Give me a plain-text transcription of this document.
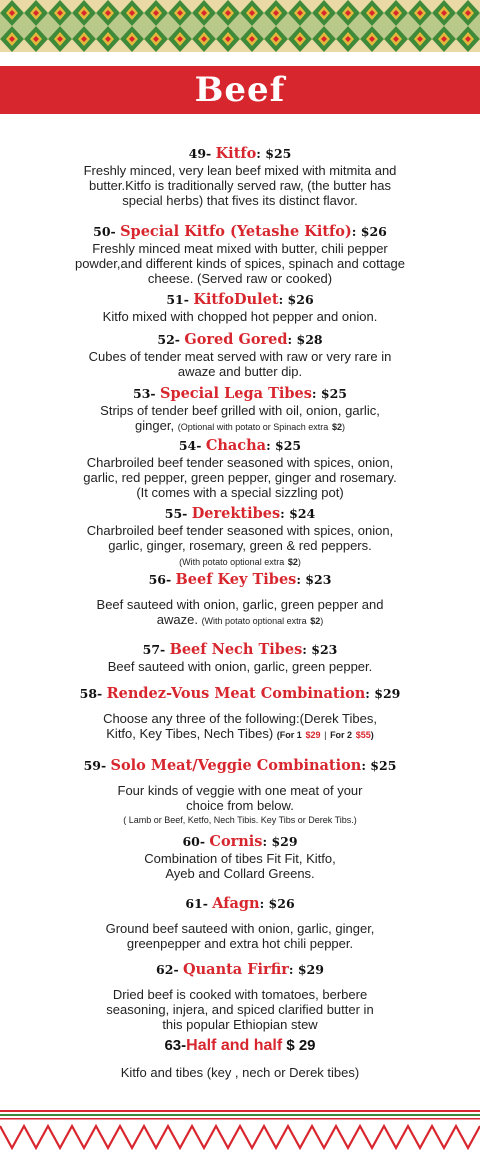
Beef
49- Kitfo: $25
Freshly minced, very lean beef mixed with mitmita and
butter.Kitfo is traditionally served raw, (the butter has
special herbs) that fives its distinct flavor.
50- Special Kitfo (Yetashe Kitfo): $26
Freshly minced meat mixed with butter, chili pepper
powder,and different kinds of spices, spinach and cottage
cheese. (Served raw or cooked)
51- KitfoDulet: $26
Kitfo mixed with chopped hot pepper and onion.
52- Gored Gored: $28
Cubes of tender meat served with raw or very rare in
awaze and butter dip.
53- Special Lega Tibes: $25
Strips of tender beef grilled with oil, onion, garlic,
ginger, (Optional with potato or Spinach extra $2)
54- Chacha: $25
Charbroiled beef tender seasoned with spices, onion,
garlic, red pepper, green pepper, ginger and rosemary.
(It comes with a special sizzling pot)
55- Derektibes: $24
Charbroiled beef tender seasoned with spices, onion,
garlic, ginger, rosemary, green & red peppers.
(With potato optional extra $2)
56- Beef Key Tibes: $23
Beef sauteed with onion, garlic, green pepper and
awaze. (With potato optional extra $2)
57- Beef Nech Tibes: $23
Beef sauteed with onion, garlic, green pepper.
58- Rendez-Vous Meat Combination: $29
Choose any three of the following:(Derek Tibes,
Kitfo, Key Tibes, Nech Tibes) (For 1 $29 | For 2 $55)
59- Solo Meat/Veggie Combination: $25
Four kinds of veggie with one meat of your
choice from below.
( Lamb or Beef, Ketfo, Nech Tibis. Key Tibs or Derek Tibs.)
60- Cornis: $29
Combination of tibes Fit Fit, Kitfo,
Ayeb and Collard Greens.
61- Afagn: $26
Ground beef sauteed with onion, garlic, ginger,
greenpepper and extra hot chili pepper.
62- Quanta Firfir: $29
Dried beef is cooked with tomatoes, berbere
seasoning, injera, and spiced clarified butter in
this popular Ethiopian stew
63-Half and half $ 29
Kitfo and tibes (key , nech or Derek tibes)
